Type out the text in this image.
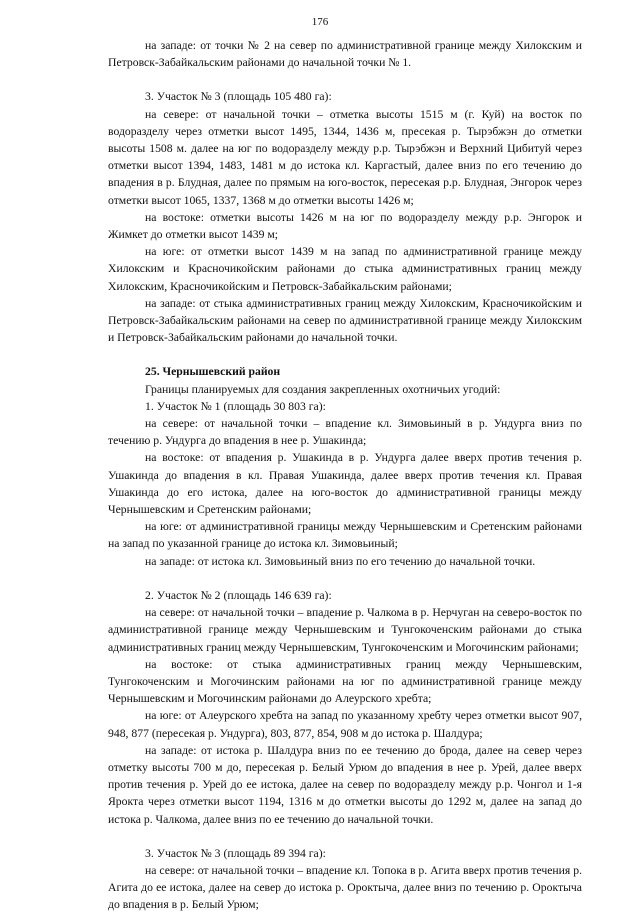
176

на западе: от точки № 2 на север по административной границе между Хилокским и Петровск-Забайкальским районами до начальной точки № 1.

3. Участок № 3 (площадь 105 480 га):

на севере: от начальной точки – отметка высоты 1515 м (г. Куй) на восток по водоразделу через отметки высот 1495, 1344, 1436 м, пресекая р. Тырэбжэн до отметки высоты 1508 м. далее на юг по водоразделу между р.р. Тырэбжэн и Верхний Цибитуй через отметки высот 1394, 1483, 1481 м до истока кл. Каргастый, далее вниз по его течению до впадения в р. Блудная, далее по прямым на юго-восток, пересекая р.р. Блудная, Энгорок через отметки высот 1065, 1337, 1368 м до отметки высоты 1426 м;

на востоке: отметки высоты 1426 м на юг по водоразделу между р.р. Энгорок и Жимкет до отметки высот 1439 м;

на юге: от отметки высот 1439 м на запад по административной границе между Хилокским и Красночикойским районами до стыка административных границ между Хилокским, Красночикойским и Петровск-Забайкальским районами;

на западе: от стыка административных границ между Хилокским, Красночикойским и Петровск-Забайкальским районами на север по административной границе между Хилокским и Петровск-Забайкальским районами до начальной точки.

25. Чернышевский район

Границы планируемых для создания закрепленных охотничьих угодий:

1. Участок № 1 (площадь 30 803 га):

на севере: от начальной точки – впадение кл. Зимовьиный в р. Ундурга вниз по течению р. Ундурга до впадения в нее р. Ушакинда;

на востоке: от впадения р. Ушакинда в р. Ундурга далее вверх против течения р. Ушакинда до впадения в кл. Правая Ушакинда, далее вверх против течения кл. Правая Ушакинда до его истока, далее на юго-восток до административной границы между Чернышевским и Сретенским районами;

на юге: от административной границы между Чернышевским и Сретенским районами на запад по указанной границе до истока кл. Зимовьиный;

на западе: от истока кл. Зимовьиный вниз по его течению до начальной точки.

2. Участок № 2 (площадь 146 639 га):

на севере: от начальной точки – впадение р. Чалкома в р. Нерчуган на северо-восток по административной границе между Чернышевским и Тунгокоченским районами до стыка административных границ между Чернышевским, Тунгокоченским и Могочинским районами;

на востоке: от стыка административных границ между Чернышевским, Тунгокоченским и Могочинским районами на юг по административной границе между Чернышевским и Могочинским районами до Алеурского хребта;

на юге: от Алеурского хребта на запад по указанному хребту через отметки высот 907, 948, 877 (пересекая р. Ундурга), 803, 877, 854, 908 м до истока р. Шалдура;

на западе: от истока р. Шалдура вниз по ее течению до брода, далее на север через отметку высоты 700 м до, пересекая р. Белый Урюм до впадения в нее р. Урей, далее вверх против течения р. Урей до ее истока, далее на север по водоразделу между р.р. Чонгол и 1-я Ярокта через отметки высот 1194, 1316 м до отметки высоты до 1292 м, далее на запад до истока р. Чалкома, далее вниз по ее течению до начальной точки.

3. Участок № 3 (площадь 89 394 га):

на севере: от начальной точки – впадение кл. Топока в р. Агита вверх против течения р. Агита до ее истока, далее на север до истока р. Ороктыча, далее вниз по течению р. Ороктыча до впадения в р. Белый Урюм;
